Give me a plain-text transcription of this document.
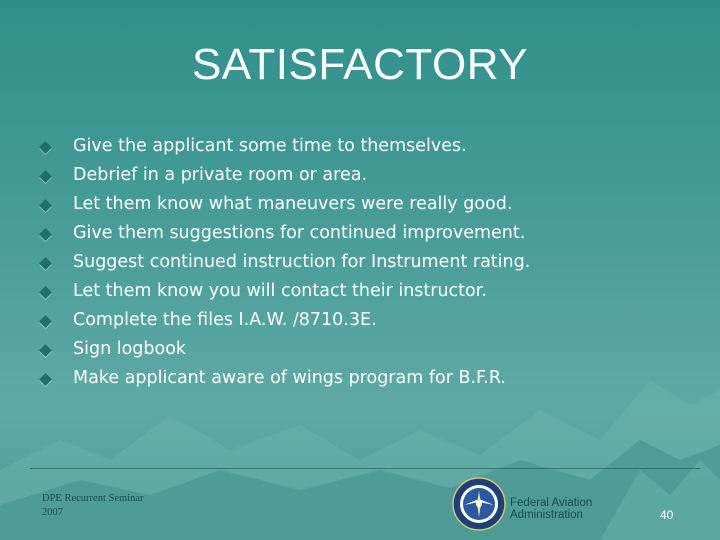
SATISFACTORY
Give the applicant some time to themselves.
Debrief in a private room or area.
Let them know what maneuvers were really good.
Give them suggestions for continued improvement.
Suggest continued instruction for Instrument rating.
Let them know you will contact their instructor.
Complete the files I.A.W. /8710.3E.
Sign logbook
Make applicant aware of wings program for B.F.R.
DPE Recurrent Seminar
2007
Federal Aviation
Administration	40
